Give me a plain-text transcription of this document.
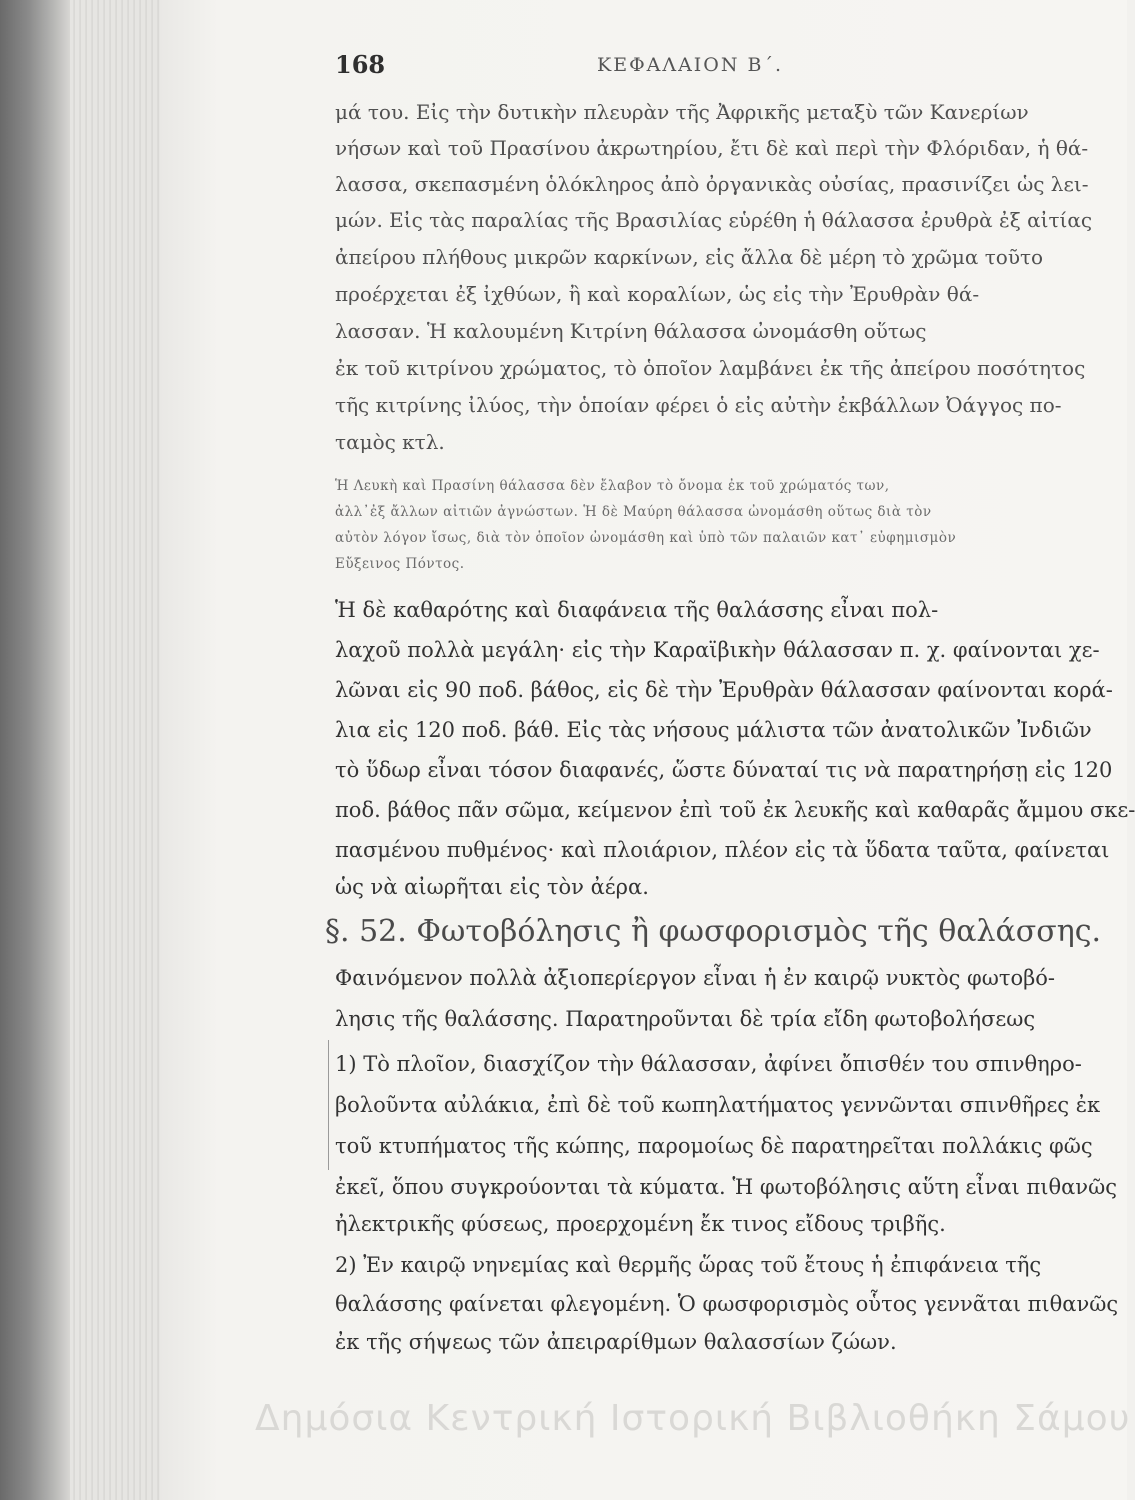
168	ΚΕΦΑΛΑΙΟΝ Β΄.
μά του. Εἰς τὴν δυτικὴν πλευρὰν τῆς Ἀφρικῆς μεταξὺ τῶν Κανερίων
νήσων καὶ τοῦ Πρασίνου ἀκρωτηρίου, ἔτι δὲ καὶ περὶ τὴν Φλόριδαν, ἡ θά-
λασσα, σκεπασμένη ὁλόκληρος ἀπὸ ὀργανικὰς οὐσίας, πρασινίζει ὡς λει-
μών. Εἰς τὰς παραλίας τῆς Βρασιλίας εὑρέθη ἡ θάλασσα ἐρυθρὰ ἐξ αἰτίας
ἀπείρου πλήθους μικρῶν καρκίνων, εἰς ἄλλα δὲ μέρη τὸ χρῶμα τοῦτο
προέρχεται ἐξ ἰχθύων, ἢ καὶ κοραλίων, ὡς εἰς τὴν Ἐρυθρὰν θά-
λασσαν. Ἡ καλουμένη Κιτρίνη θάλασσα ὠνομάσθη οὕτως
ἐκ τοῦ κιτρίνου χρώματος, τὸ ὁποῖον λαμβάνει ἐκ τῆς ἀπείρου ποσότητος
τῆς κιτρίνης ἰλύος, τὴν ὁποίαν φέρει ὁ εἰς αὐτὴν ἐκβάλλων Ὀάγγος πο-
ταμὸς κτλ.
Ἡ Λευκὴ καὶ Πρασίνη θάλασσα δὲν ἔλαβον τὸ ὄνομα ἐκ τοῦ χρώματός των,
ἀλλ᾽ἐξ ἄλλων αἰτιῶν ἀγνώστων. Ἡ δὲ Μαύρη θάλασσα ὠνομάσθη οὕτως διὰ τὸν
αὐτὸν λόγον ἴσως, διὰ τὸν ὁποῖον ὠνομάσθη καὶ ὑπὸ τῶν παλαιῶν κατ᾽ εὐφημισμὸν
Εὔξεινος Πόντος.
Ἡ δὲ καθαρότης καὶ διαφάνεια τῆς θαλάσσης εἶναι πολ-
λαχοῦ πολλὰ μεγάλη· εἰς τὴν Καραϊβικὴν θάλασσαν π. χ. φαίνονται χε-
λῶναι εἰς 90 ποδ. βάθος, εἰς δὲ τὴν Ἐρυθρὰν θάλασσαν φαίνονται κορά-
λια εἰς 120 ποδ. βάθ. Εἰς τὰς νήσους μάλιστα τῶν ἀνατολικῶν Ἰνδιῶν
τὸ ὕδωρ εἶναι τόσον διαφανές, ὥστε δύναταί τις νὰ παρατηρήσῃ εἰς 120
ποδ. βάθος πᾶν σῶμα, κείμενον ἐπὶ τοῦ ἐκ λευκῆς καὶ καθαρᾶς ἄμμου σκε-
πασμένου πυθμένος· καὶ πλοιάριον, πλέον εἰς τὰ ὕδατα ταῦτα, φαίνεται
ὡς νὰ αἰωρῆται εἰς τὸν ἀέρα.
§. 52. Φωτοβόλησις ἢ φωσφορισμὸς τῆς θαλάσσης.
Φαινόμενον πολλὰ ἀξιοπερίεργον εἶναι ἡ ἐν καιρῷ νυκτὸς φωτοβό-
λησις τῆς θαλάσσης. Παρατηροῦνται δὲ τρία εἴδη φωτοβολήσεως
1) Τὸ πλοῖον, διασχίζον τὴν θάλασσαν, ἀφίνει ὄπισθέν του σπινθηρο-
βολοῦντα αὐλάκια, ἐπὶ δὲ τοῦ κωπηλατήματος γεννῶνται σπινθῆρες ἐκ
τοῦ κτυπήματος τῆς κώπης, παρομοίως δὲ παρατηρεῖται πολλάκις φῶς
ἐκεῖ, ὅπου συγκρούονται τὰ κύματα. Ἡ φωτοβόλησις αὕτη εἶναι πιθανῶς
ἠλεκτρικῆς φύσεως, προερχομένη ἔκ τινος εἴδους τριβῆς.
2) Ἐν καιρῷ νηνεμίας καὶ θερμῆς ὥρας τοῦ ἔτους ἡ ἐπιφάνεια τῆς
θαλάσσης φαίνεται φλεγομένη. Ὁ φωσφορισμὸς οὗτος γεννᾶται πιθανῶς
ἐκ τῆς σήψεως τῶν ἀπειραρίθμων θαλασσίων ζώων.
Δημόσια Κεντρική Ιστορική Βιβλιοθήκη Σάμου
